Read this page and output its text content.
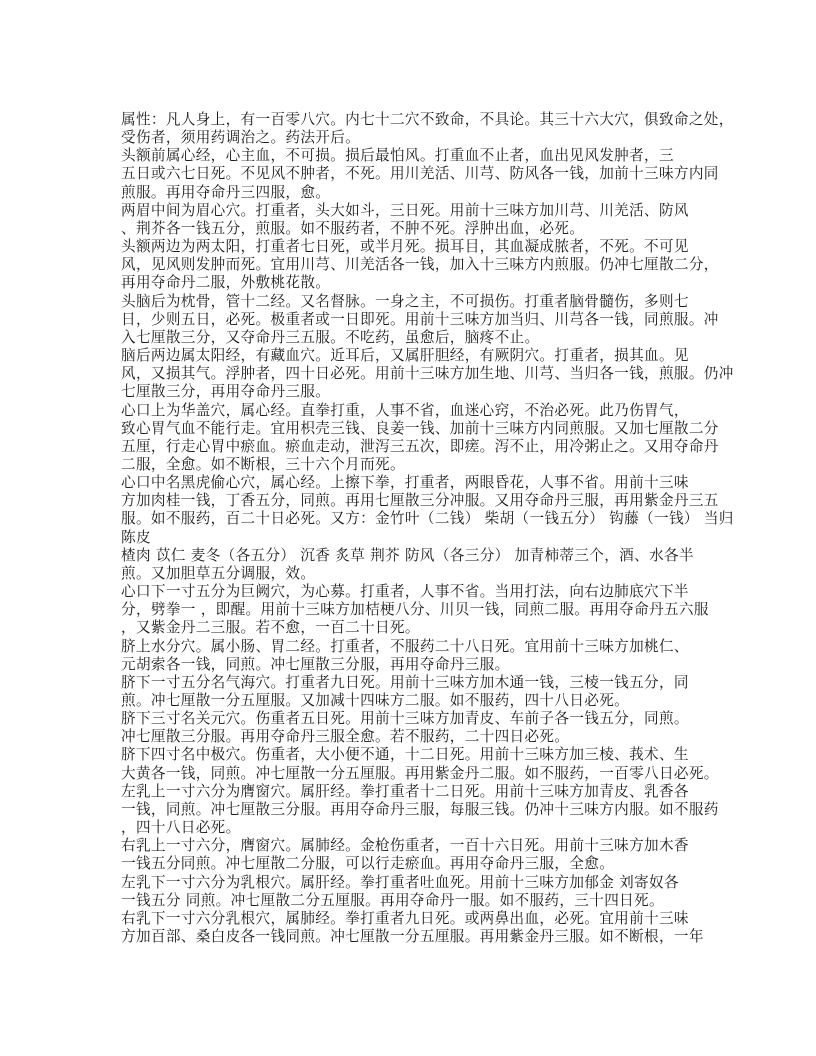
属性：凡人身上，有一百零八穴。内七十二穴不致命，不具论。其三十六大穴，俱致命之处，
受伤者，须用药调治之。药法开后。
头额前属心经，心主血，不可损。损后最怕风。打重血不止者，血出见风发肿者，三
五日或六七日死。不见风不肿者，不死。用川羌活、川芎、防风各一钱，加前十三味方内同
煎服。再用夺命丹三四服，愈。
两眉中间为眉心穴。打重者，头大如斗，三日死。用前十三味方加川芎、川羌活、防风
、荆芥各一钱五分，煎服。如不服药者，不肿不死。浮肿出血，必死。
头额两边为两太阳，打重者七日死，或半月死。损耳目，其血凝成脓者，不死。不可见
风，见风则发肿而死。宜用川芎、川羌活各一钱，加入十三味方内煎服。仍冲七厘散二分，
再用夺命丹二服，外敷桃花散。
头脑后为枕骨，管十二经。又名督脉。一身之主，不可损伤。打重者脑骨髓伤，多则七
日，少则五日，必死。极重者或一日即死。用前十三味方加当归、川芎各一钱，同煎服。冲
入七厘散三分，又夺命丹三五服。不吃药，虽愈后，脑疼不止。
脑后两边属太阳经，有藏血穴。近耳后，又属肝胆经，有厥阴穴。打重者，损其血。见
风，又损其气。浮肿者，四十日必死。用前十三味方加生地、川芎、当归各一钱，煎服。仍冲
七厘散三分，再用夺命丹三服。
心口上为华盖穴，属心经。直拳打重，人事不省，血迷心窍，不治必死。此乃伤胃气，
致心胃气血不能行走。宜用枳壳三钱、良姜一钱、加前十三味方内同煎服。又加七厘散二分
五厘，行走心胃中瘀血。瘀血走动，泄泻三五次，即瘥。泻不止，用冷粥止之。又用夺命丹
二服，全愈。如不断根，三十六个月而死。
心口中名黑虎偷心穴，属心经。上擦下拳，打重者，两眼昏花，人事不省。用前十三味
方加肉桂一钱，丁香五分，同煎。再用七厘散三分冲服。又用夺命丹三服，再用紫金丹三五
服。如不服药，百二十日必死。又方：金竹叶（二钱） 柴胡（一钱五分） 钩藤（一钱） 当归
陈皮
楂肉 苡仁 麦冬（各五分） 沉香 炙草 荆芥 防风（各三分） 加青柿蒂三个，酒、水各半
煎。又加胆草五分调服，效。
心口下一寸五分为巨阙穴，为心募。打重者，人事不省。当用打法，向右边肺底穴下半
分，劈拳一 ，即醒。用前十三味方加桔梗八分、川贝一钱，同煎二服。再用夺命丹五六服
，又紫金丹二三服。若不愈，一百二十日死。
脐上水分穴。属小肠、胃二经。打重者，不服药二十八日死。宜用前十三味方加桃仁、
元胡索各一钱，同煎。冲七厘散三分服，再用夺命丹三服。
脐下一寸五分名气海穴。打重者九日死。用前十三味方加木通一钱，三棱一钱五分，同
煎。冲七厘散一分五厘服。又加减十四味方二服。如不服药，四十八日必死。
脐下三寸名关元穴。伤重者五日死。用前十三味方加青皮、车前子各一钱五分，同煎。
冲七厘散三分服。再用夺命丹三服全愈。若不服药，二十四日必死。
脐下四寸名中极穴。伤重者，大小便不通，十二日死。用前十三味方加三棱、莪术、生
大黄各一钱，同煎。冲七厘散一分五厘服。再用紫金丹二服。如不服药，一百零八日必死。
左乳上一寸六分为膺窗穴。属肝经。拳打重者十二日死。用前十三味方加青皮、乳香各
一钱，同煎。冲七厘散三分服。再用夺命丹三服，每服三钱。仍冲十三味方内服。如不服药
，四十八日必死。
右乳上一寸六分，膺窗穴。属肺经。金枪伤重者，一百十六日死。用前十三味方加木香
一钱五分同煎。冲七厘散二分服，可以行走瘀血。再用夺命丹三服，全愈。
左乳下一寸六分为乳根穴。属肝经。拳打重者吐血死。用前十三味方加郁金 刘寄奴各
一钱五分 同煎。冲七厘散二分五厘服。再用夺命丹一服。如不服药，三十四日死。
右乳下一寸六分乳根穴，属肺经。拳打重者九日死。或两鼻出血，必死。宜用前十三味
方加百部、桑白皮各一钱同煎。冲七厘散一分五厘服。再用紫金丹三服。如不断根，一年
